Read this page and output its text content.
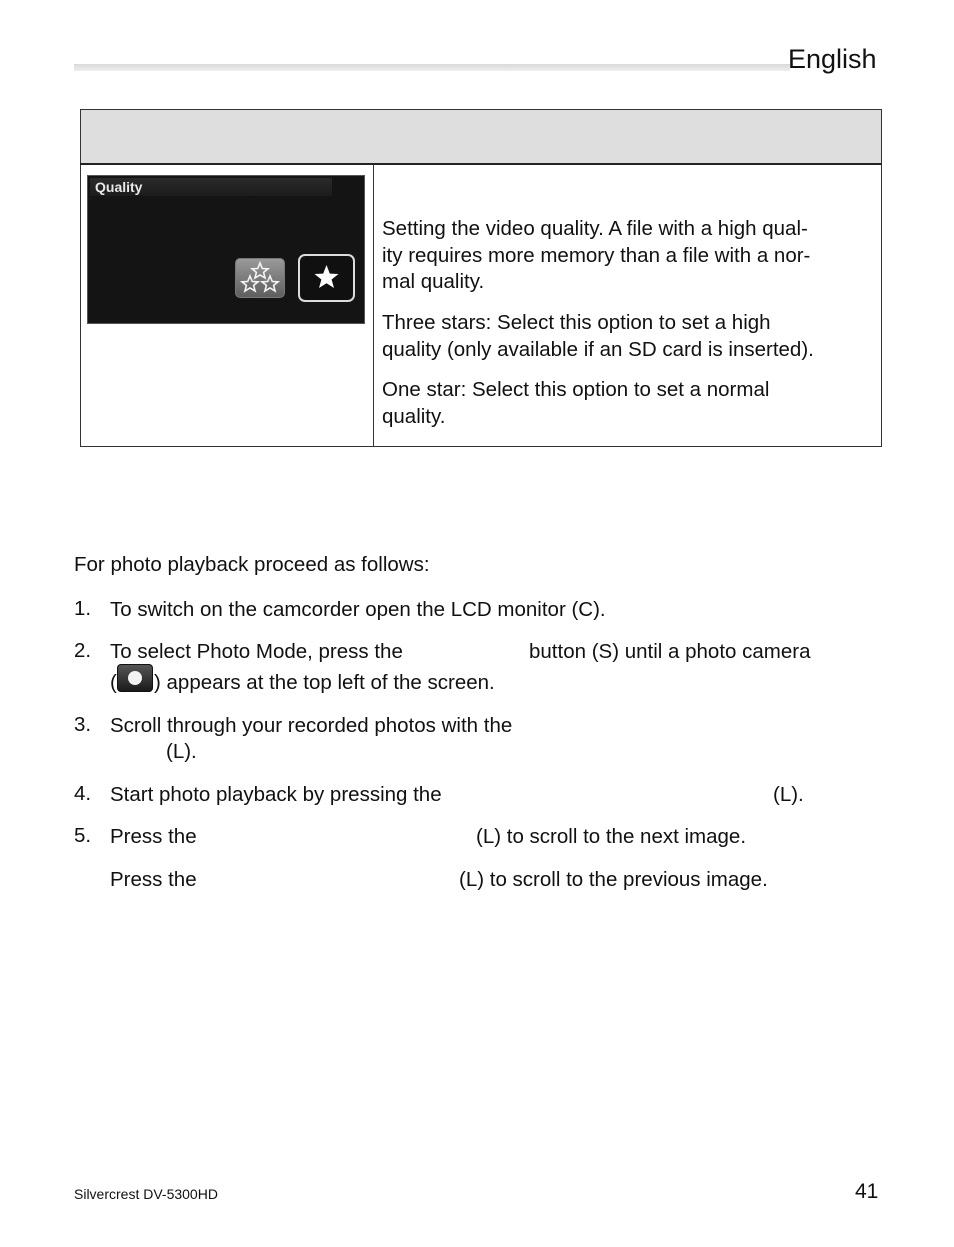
English
Quality
Setting the video quality. A file with a high qual-
ity requires more memory than a file with a nor-
mal quality.
Three stars: Select this option to set a high
quality (only available if an SD card is inserted).
One star: Select this option to set a normal
quality.
For photo playback proceed as follows:
1. To switch on the camcorder open the LCD monitor (C).
2. To select Photo Mode, press the	button (S) until a photo camera
( ) appears at the top left of the screen.
3. Scroll through your recorded photos with the
(L).
4. Start photo playback by pressing the	(L).
5. Press the	(L) to scroll to the next image.
Press the	(L) to scroll to the previous image.
Silvercrest DV-5300HD	41
